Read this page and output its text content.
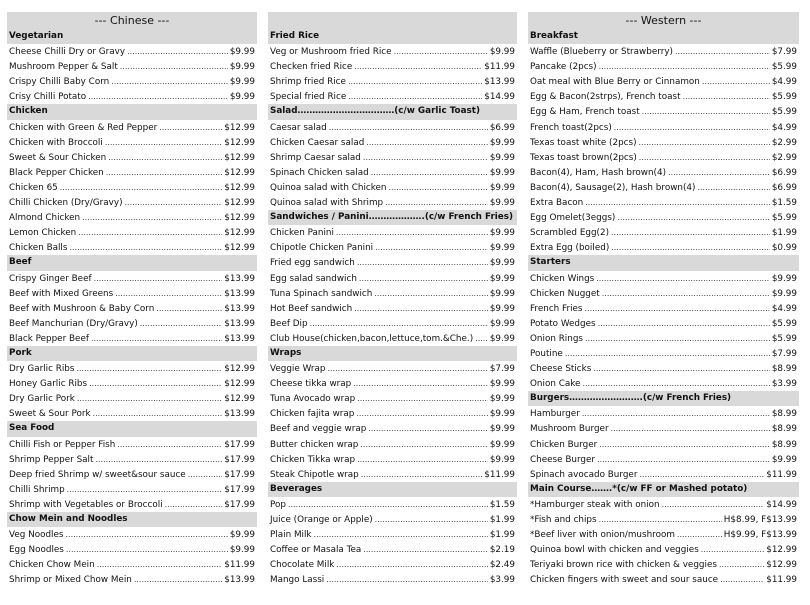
--- Chinese ---
Vegetarian
Cheese Chilli Dry or Gravy .....	$9.99
Mushroom Pepper & Salt .....	$9.99
Crispy Chilli Baby Corn .....	$9.99
Crisy Chilli Potato .....	$9.99
Chicken
Chicken with Green & Red Pepper .....	$12.99
Chicken with Broccoli .....	$12.99
Sweet & Sour Chicken .....	$12.99
Black Pepper Chicken .....	$12.99
Chicken 65 .....	$12.99
Chilli Chicken (Dry/Gravy) .....	$12.99
Almond Chicken .....	$12.99
Lemon Chicken .....	$12.99
Chicken Balls .....	$12.99
Beef
Crispy Ginger Beef .....	$13.99
Beef with Mixed Greens .....	$13.99
Beef with Mushroon & Baby Corn .....	$13.99
Beef Manchurian (Dry/Gravy) .....	$13.99
Black Pepper Beef .....	$13.99
Pork
Dry Garlic Ribs .....	$12.99
Honey Garlic Ribs .....	$12.99
Dry Garlic Pork .....	$12.99
Sweet & Sour Pork .....	$13.99
Sea Food
Chilli Fish or Pepper Fish .....	$17.99
Shrimp Pepper Salt .....	$17.99
Deep fried Shrimp w/ sweet&sour sauce .....	$17.99
Chilli Shrimp .....	$17.99
Shrimp with Vegetables or Broccoli .....	$17.99
Chow Mein and Noodles
Veg Noodles .....	$9.99
Egg Noodles .....	$9.99
Chicken Chow Mein .....	$11.99
Shrimp or Mixed Chow Mein .....	$13.99
Fried Rice
Veg or Mushroom fried Rice .....	$9.99
Checken fried Rice .....	$11.99
Shrimp fried Rice .....	$13.99
Special fried Rice .....	$14.99
Salad……………………………(c/w Garlic Toast)
Caesar salad .....	$6.99
Chicken Caesar salad .....	$9.99
Shrimp Caesar salad .....	$9.99
Spinach Chicken salad .....	$9.99
Quinoa salad with Chicken .....	$9.99
Quinoa salad with Shrimp .....	$9.99
Sandwiches / Panini……………….(c/w French Fries)
Chicken Panini .....	$9.99
Chipotle Chicken Panini .....	$9.99
Fried egg sandwich .....	$9.99
Egg salad sandwich .....	$9.99
Tuna Spinach sandwich .....	$9.99
Hot Beef sandwich .....	$9.99
Beef Dip .....	$9.99
Club House(chicken,bacon,lettuce,tom.&Che.) ..... $9.99
Wraps
Veggie Wrap .....	$7.99
Cheese tikka wrap .....	$9.99
Tuna Avocado wrap .....	$9.99
Chicken fajita wrap .....	$9.99
Beef and veggie wrap .....	$9.99
Butter chicken wrap .....	$9.99
Chicken Tikka wrap .....	$9.99
Steak Chipotle wrap .....	$11.99
Beverages
Pop .....	$1.59
Juice (Orange or Apple) .....	$1.99
Plain Milk .....	$1.99
Coffee or Masala Tea .....	$2.19
Chocolate Milk .....	$2.49
Mango Lassi .....	$3.99
--- Western ---
Breakfast
Waffle (Blueberry or Strawberry) .....	$7.99
Pancake (2pcs) .....	$5.99
Oat meal with Blue Berry or Cinnamon .....	$4.99
Egg & Bacon(2strps), French toast .....	$5.99
Egg & Ham, French toast .....	$5.99
French toast(2pcs) .....	$4.99
Texas toast white (2pcs) .....	$2.99
Texas toast brown(2pcs) .....	$2.99
Bacon(4), Ham, Hash brown(4) .....	$6.99
Bacon(4), Sausage(2), Hash brown(4) .....	$6.99
Extra Bacon .....	$1.59
Egg Omelet(3eggs) .....	$5.99
Scrambled Egg(2) .....	$1.99
Extra Egg (boiled) .....	$0.99
Starters
Chicken Wings .....	$9.99
Chicken Nugget .....	$9.99
French Fries .....	$4.99
Potato Wedges .....	$5.99
Onion Rings .....	$5.99
Poutine .....	$7.99
Cheese Sticks .....	$8.99
Onion Cake .....	$3.99
Burgers…………………….(c/w French Fries)
Hamburger .....	$8.99
Mushroom Burger .....	$8.99
Chicken Burger .....	$8.99
Cheese Burger .....	$9.99
Spinach avocado Burger .....	$11.99
Main Course…….*(c/w FF or Mashed potato)
*Hamburger steak with onion .....	$14.99
*Fish and chips .....	H$8.99, F$13.99
*Beef liver with onion/mushroom .....	H$9.99, F$13.99
Quinoa bowl with chicken and veggies .....	$12.99
Teriyaki brown rice with chicken & veggies .....	$12.99
Chicken fingers with sweet and sour sauce .....	$11.99
